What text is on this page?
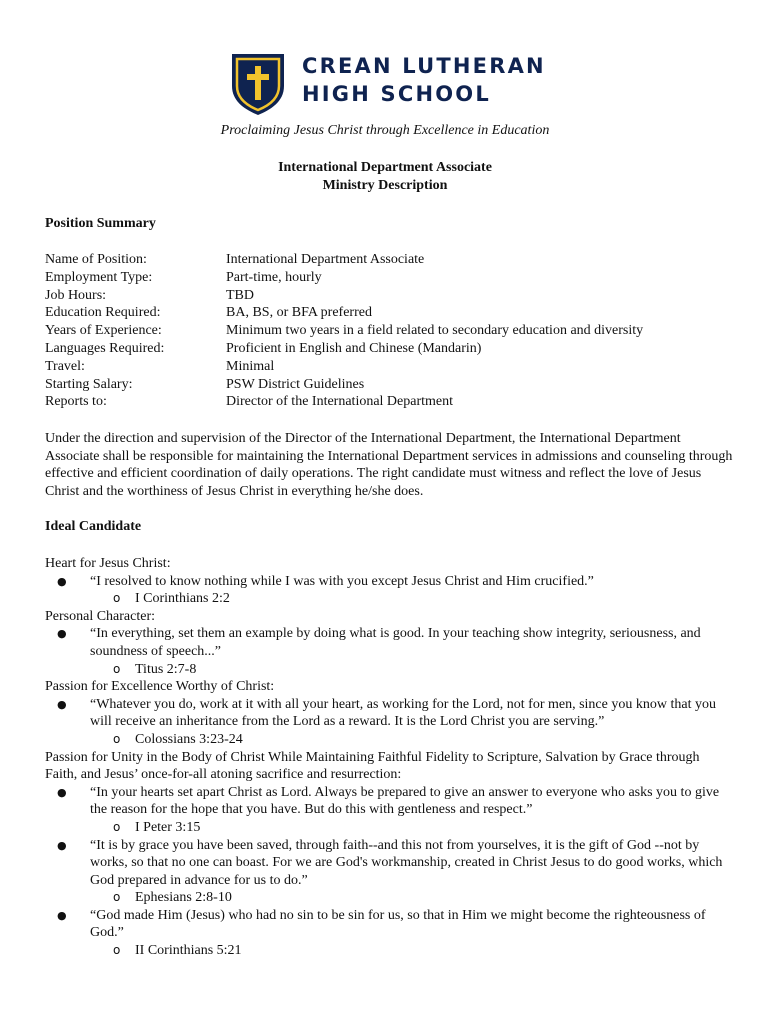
CREAN LUTHERAN
HIGH SCHOOL
Proclaiming Jesus Christ through Excellence in Education
International Department Associate
Ministry Description
Position Summary
Name of Position:	International Department Associate
Employment Type:	Part-time, hourly
Job Hours:	TBD
Education Required:	BA, BS, or BFA preferred
Years of Experience:	Minimum two years in a field related to secondary education and diversity
Languages Required:	Proficient in English and Chinese (Mandarin)
Travel:	Minimal
Starting Salary:	PSW District Guidelines
Reports to:	Director of the International Department
Under the direction and supervision of the Director of the International Department, the International Department Associate shall be responsible for maintaining the International Department services in admissions and counseling through effective and efficient coordination of daily operations. The right candidate must witness and reflect the love of Jesus Christ and the worthiness of Jesus Christ in everything he/she does.
Ideal Candidate

Heart for Jesus Christ:

● “I resolved to know nothing while I was with you except Jesus Christ and Him crucified.”

o I Corinthians 2:2

Personal Character:

● “In everything, set them an example by doing what is good. In your teaching show integrity, seriousness, and soundness of speech...”

o Titus 2:7-8

Passion for Excellence Worthy of Christ:

● “Whatever you do, work at it with all your heart, as working for the Lord, not for men, since you know that you will receive an inheritance from the Lord as a reward. It is the Lord Christ you are serving.”

o Colossians 3:23-24

Passion for Unity in the Body of Christ While Maintaining Faithful Fidelity to Scripture, Salvation by Grace through Faith, and Jesus’ once-for-all atoning sacrifice and resurrection:

● “In your hearts set apart Christ as Lord. Always be prepared to give an answer to everyone who asks you to give the reason for the hope that you have. But do this with gentleness and respect.”

o I Peter 3:15

● “It is by grace you have been saved, through faith--and this not from yourselves, it is the gift of God --not by works, so that no one can boast. For we are God's workmanship, created in Christ Jesus to do good works, which God prepared in advance for us to do.”

o Ephesians 2:8-10

● “God made Him (Jesus) who had no sin to be sin for us, so that in Him we might become the righteousness of God.”

o II Corinthians 5:21
